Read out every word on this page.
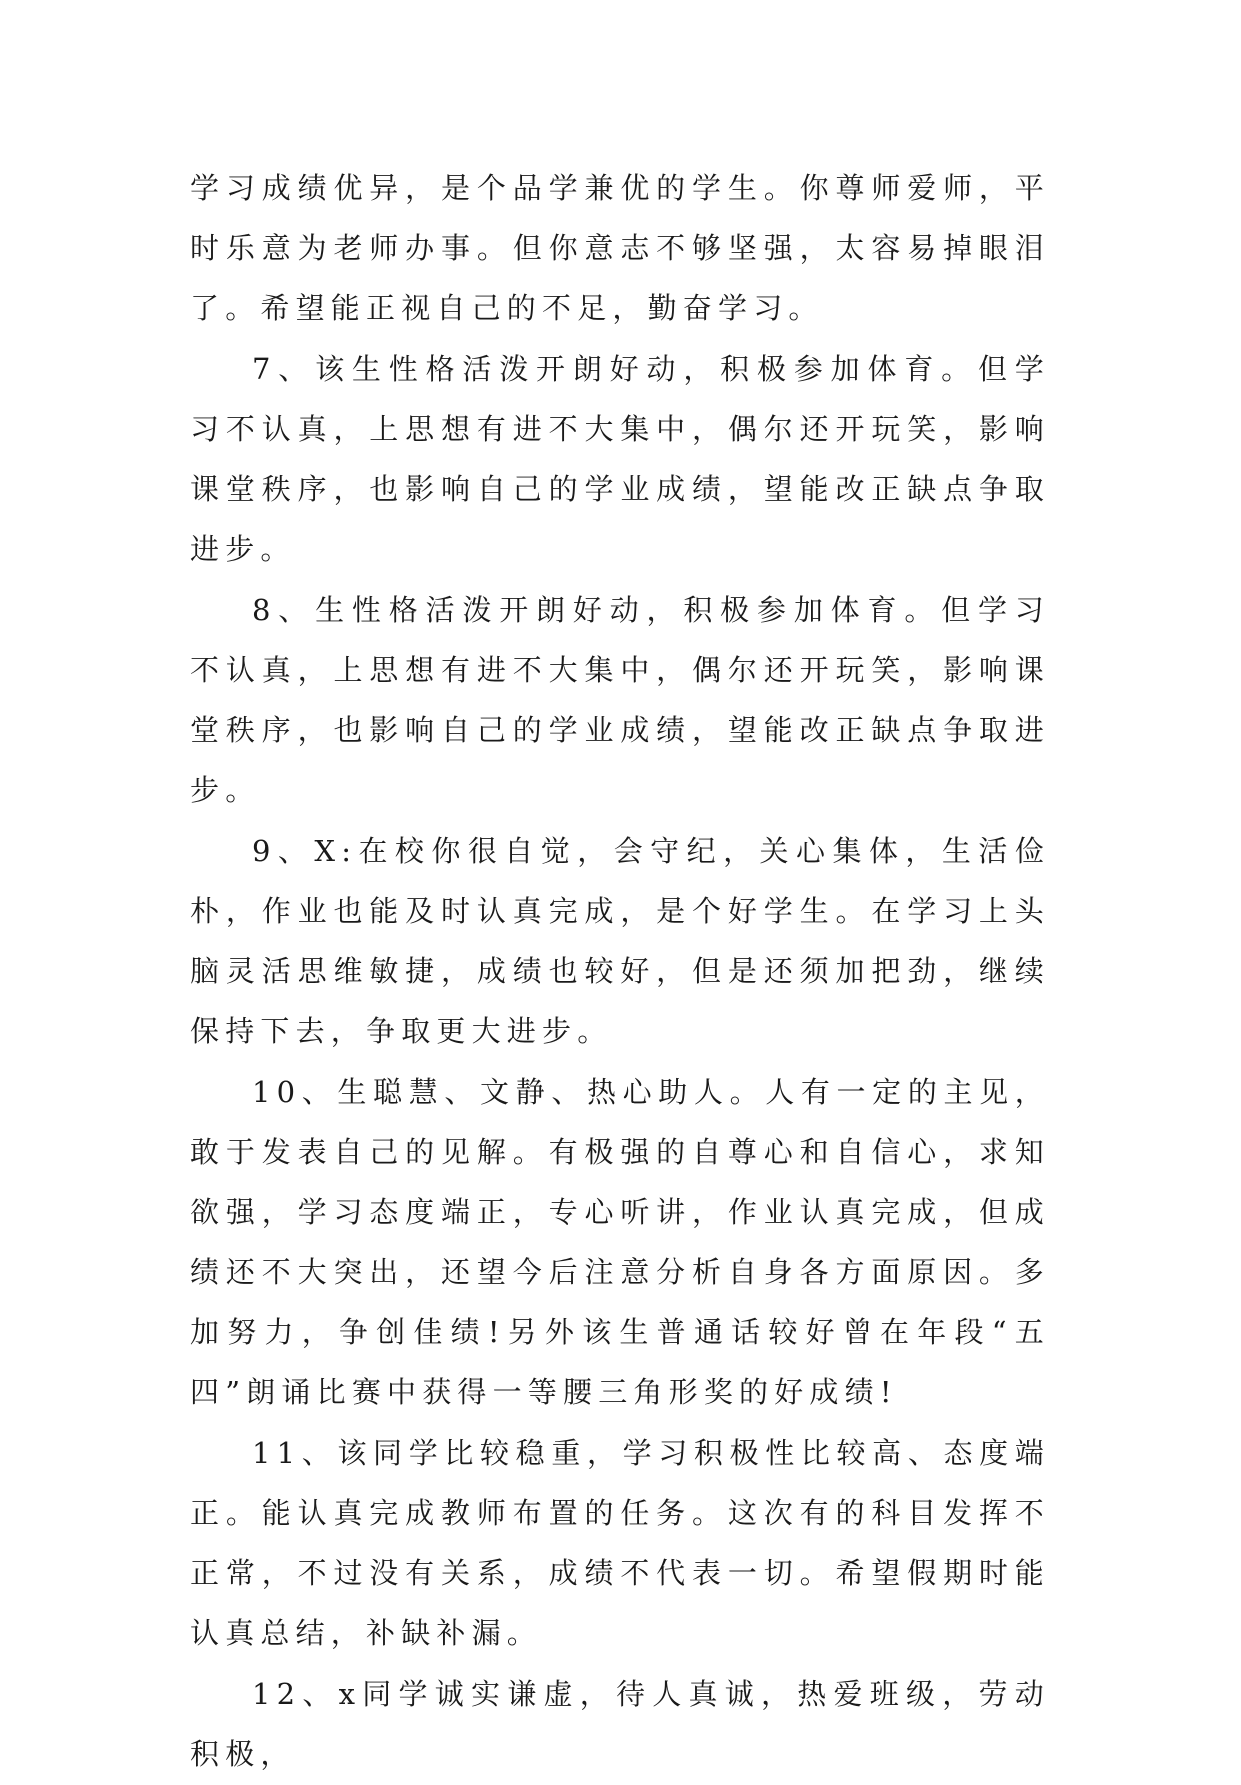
学习成绩优异，是个品学兼优的学生。你尊师爱师，平时乐意为老师办事。但你意志不够坚强，太容易掉眼泪了。希望能正视自己的不足，勤奋学习。

7、该生性格活泼开朗好动，积极参加体育。但学习不认真，上思想有进不大集中，偶尔还开玩笑，影响课堂秩序，也影响自己的学业成绩，望能改正缺点争取进步。

8、生性格活泼开朗好动，积极参加体育。但学习不认真，上思想有进不大集中，偶尔还开玩笑，影响课堂秩序，也影响自己的学业成绩，望能改正缺点争取进步。

9、X:在校你很自觉，会守纪，关心集体，生活俭朴，作业也能及时认真完成，是个好学生。在学习上头脑灵活思维敏捷，成绩也较好，但是还须加把劲，继续保持下去，争取更大进步。

10、生聪慧、文静、热心助人。人有一定的主见，敢于发表自己的见解。有极强的自尊心和自信心，求知欲强，学习态度端正，专心听讲，作业认真完成，但成绩还不大突出，还望今后注意分析自身各方面原因。多加努力，争创佳绩!另外该生普通话较好曾在年段“五四”朗诵比赛中获得一等腰三角形奖的好成绩!

11、该同学比较稳重，学习积极性比较高、态度端正。能认真完成教师布置的任务。这次有的科目发挥不正常，不过没有关系，成绩不代表一切。希望假期时能认真总结，补缺补漏。

12、x同学诚实谦虚，待人真诚，热爱班级，劳动积极，
